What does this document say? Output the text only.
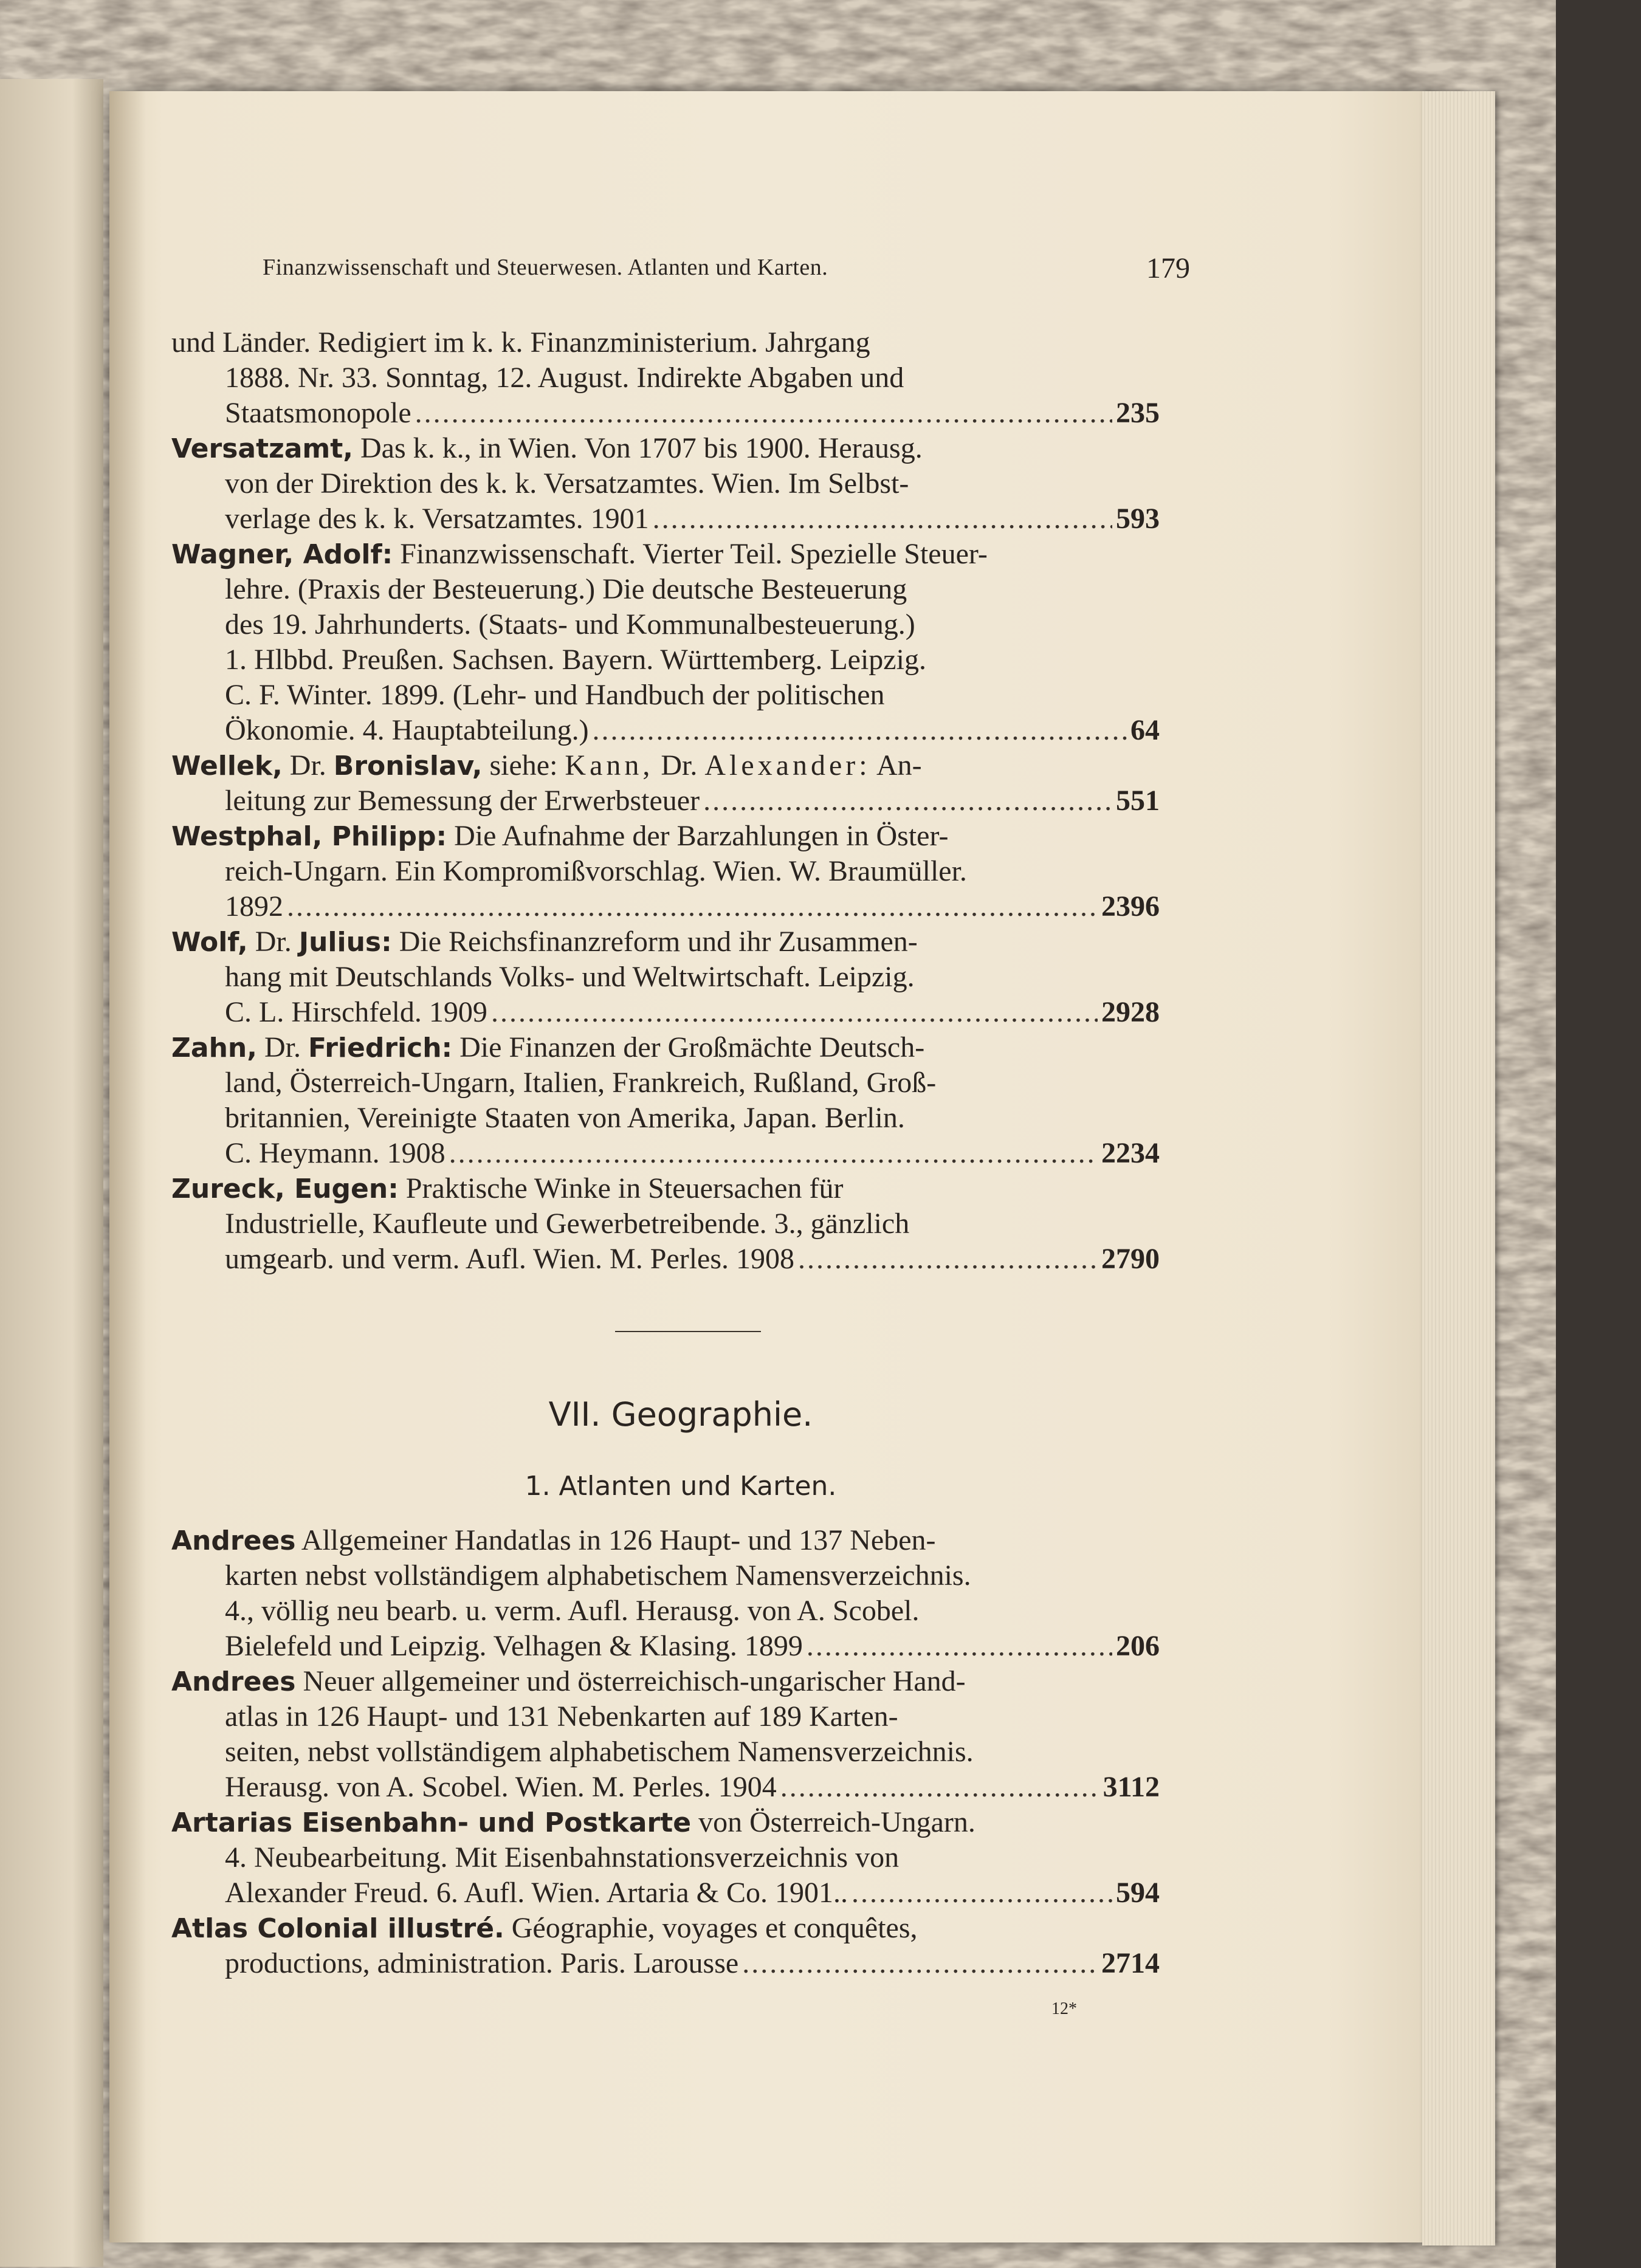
Finanzwissenschaft und Steuerwesen. Atlanten und Karten.	179
und Länder. Redigiert im k. k. Finanzministerium. Jahrgang
1888. Nr. 33. Sonntag, 12. August. Indirekte Abgaben und
Staatsmonopole .....	235
Versatzamt, Das k. k., in Wien. Von 1707 bis 1900. Herausg.
von der Direktion des k. k. Versatzamtes. Wien. Im Selbst-
verlage des k. k. Versatzamtes. 1901 .....	593
Wagner, Adolf: Finanzwissenschaft. Vierter Teil. Spezielle Steuer-
lehre. (Praxis der Besteuerung.) Die deutsche Besteuerung
des 19. Jahrhunderts. (Staats- und Kommunalbesteuerung.)
1. Hlbbd. Preußen. Sachsen. Bayern. Württemberg. Leipzig.
C. F. Winter. 1899. (Lehr- und Handbuch der politischen
Ökonomie. 4. Hauptabteilung.) .....	64
Wellek, Dr. Bronislav, siehe: Kann, Dr. Alexander: An-
leitung zur Bemessung der Erwerbsteuer .....	551
Westphal, Philipp: Die Aufnahme der Barzahlungen in Öster-
reich-Ungarn. Ein Kompromißvorschlag. Wien. W. Braumüller.
1892 .....	2396
Wolf, Dr. Julius: Die Reichsfinanzreform und ihr Zusammen-
hang mit Deutschlands Volks- und Weltwirtschaft. Leipzig.
C. L. Hirschfeld. 1909 .....	2928
Zahn, Dr. Friedrich: Die Finanzen der Großmächte Deutsch-
land, Österreich-Ungarn, Italien, Frankreich, Rußland, Groß-
britannien, Vereinigte Staaten von Amerika, Japan. Berlin.
C. Heymann. 1908 .....	2234
Zureck, Eugen: Praktische Winke in Steuersachen für
Industrielle, Kaufleute und Gewerbetreibende. 3., gänzlich
umgearb. und verm. Aufl. Wien. M. Perles. 1908 .....	2790
VII. Geographie.
1. Atlanten und Karten.
Andrees Allgemeiner Handatlas in 126 Haupt- und 137 Neben-
karten nebst vollständigem alphabetischem Namensverzeichnis.
4., völlig neu bearb. u. verm. Aufl. Herausg. von A. Scobel.
Bielefeld und Leipzig. Velhagen & Klasing. 1899 .....	206
Andrees Neuer allgemeiner und österreichisch-ungarischer Hand-
atlas in 126 Haupt- und 131 Nebenkarten auf 189 Karten-
seiten, nebst vollständigem alphabetischem Namensverzeichnis.
Herausg. von A. Scobel. Wien. M. Perles. 1904 .....	3112
Artarias Eisenbahn- und Postkarte von Österreich-Ungarn.
4. Neubearbeitung. Mit Eisenbahnstationsverzeichnis von
Alexander Freud. 6. Aufl. Wien. Artaria & Co. 1901.. .....	594
Atlas Colonial illustré. Géographie, voyages et conquêtes,
productions, administration. Paris. Larousse .....	2714
12*
